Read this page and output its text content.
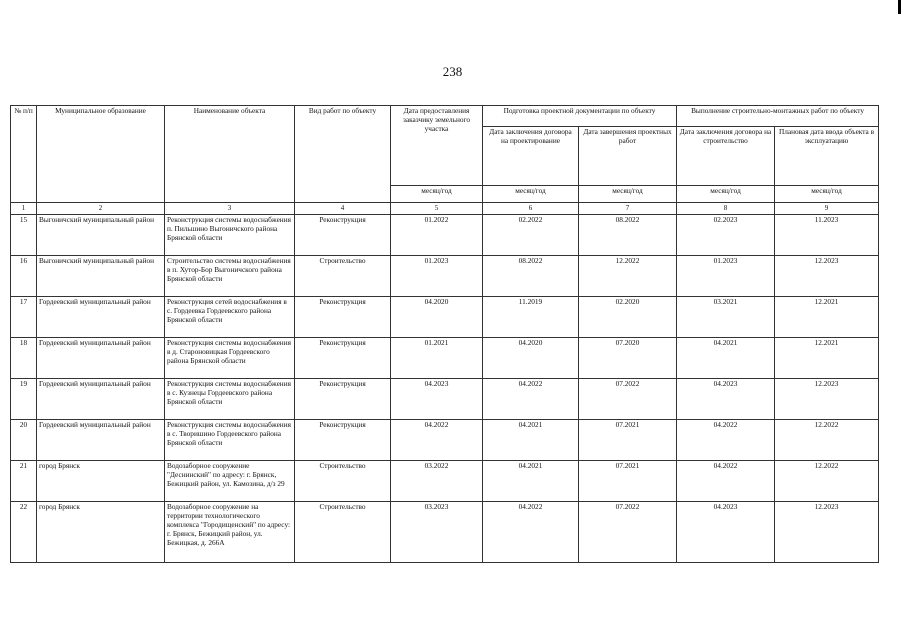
238
№ п/п	Муниципальное образование	Наименование объекта	Вид работ по объекту	Дата предоставления заказчику земельного участка	Подготовка проектной документации по объекту		Выполнение строительно-монтажных работ по объекту	
					Дата заключения договора на проектирование	Дата завершения проектных работ	Дата заключения договора на строительство	Плановая дата ввода объекта в эксплуатацию
				месяц/год	месяц/год	месяц/год	месяц/год	месяц/год
1	2	3	4	5	6	7	8	9
15	Выгоничский муниципальный район	Реконструкция системы водоснабжения п. Пильшино Выгоничского района Брянской области	Реконструкция	01.2022	02.2022	08.2022	02.2023	11.2023
16	Выгоничский муниципальный район	Строительство системы водоснабжения в п. Хутор-Бор Выгоничского района Брянской области	Строительство	01.2023	08.2022	12.2022	01.2023	12.2023
17	Гордеевский муниципальный район	Реконструкция сетей водоснабжения в с. Гордеевка Гордеевского района Брянской области	Реконструкция	04.2020	11.2019	02.2020	03.2021	12.2021
18	Гордеевский муниципальный район	Реконструкция системы водоснабжения в д. Староновицкая Гордеевского района Брянской области	Реконструкция	01.2021	04.2020	07.2020	04.2021	12.2021
19	Гордеевский муниципальный район	Реконструкция системы водоснабжения в с. Кузнецы Гордеевского района Брянской области	Реконструкция	04.2023	04.2022	07.2022	04.2023	12.2023
20	Гордеевский муниципальный район	Реконструкция системы водоснабжения в с. Творишино Гордеевского района Брянской области	Реконструкция	04.2022	04.2021	07.2021	04.2022	12.2022
21	город Брянск	Водозаборное сооружение "Деснинский" по адресу: г. Брянск, Бежицкий район, ул. Камозина, д/з 29	Строительство	03.2022	04.2021	07.2021	04.2022	12.2022
22	город Брянск	Водозаборное сооружение на территории технологического комплекса "Городищенский" по адресу: г. Брянск, Бежицкий район, ул. Бежицкая, д. 266А	Строительство	03.2023	04.2022	07.2022	04.2023	12.2023
